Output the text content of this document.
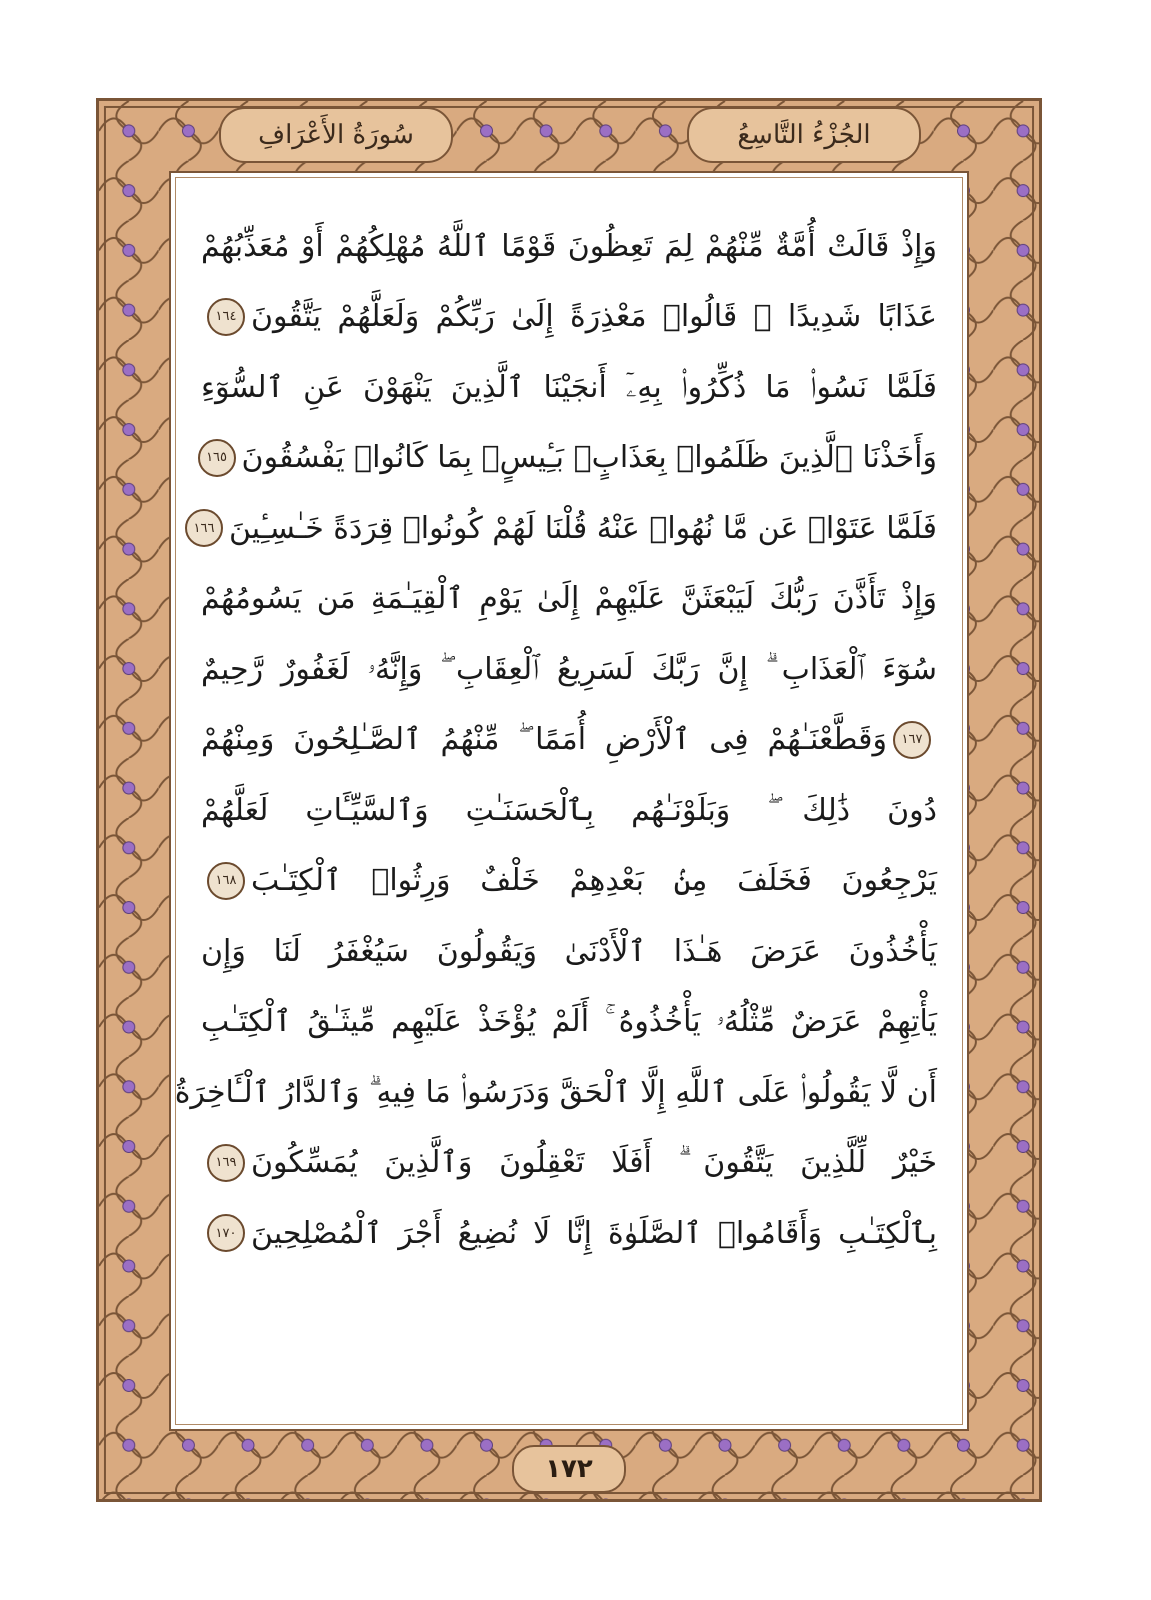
الجُزْءُ التَّاسِعُ
سُورَةُ الأَعْرَافِ
وَإِذْ قَالَتْ أُمَّةٌ مِّنْهُمْ لِمَ تَعِظُونَ قَوْمًا ٱللَّهُ مُهْلِكُهُمْ أَوْ مُعَذِّبُهُمْ
عَذَابًا شَدِيدًا ۖ قَالُوا۟ مَعْذِرَةً إِلَىٰ رَبِّكُمْ وَلَعَلَّهُمْ يَتَّقُونَ
١٦٤
فَلَمَّا نَسُوا۟ مَا ذُكِّرُوا۟ بِهِۦٓ أَنجَيْنَا ٱلَّذِينَ يَنْهَوْنَ عَنِ ٱلسُّوٓءِ
وَأَخَذْنَا ٱلَّذِينَ ظَلَمُوا۟ بِعَذَابٍۭ بَـِٔيسٍۭ بِمَا كَانُوا۟ يَفْسُقُونَ
١٦٥
فَلَمَّا عَتَوْا۟ عَن مَّا نُهُوا۟ عَنْهُ قُلْنَا لَهُمْ كُونُوا۟ قِرَدَةً خَـٰسِـِٔينَ
١٦٦
وَإِذْ تَأَذَّنَ رَبُّكَ لَيَبْعَثَنَّ عَلَيْهِمْ إِلَىٰ يَوْمِ ٱلْقِيَـٰمَةِ مَن يَسُومُهُمْ
سُوٓءَ ٱلْعَذَابِ ۗ إِنَّ رَبَّكَ لَسَرِيعُ ٱلْعِقَابِ ۖ وَإِنَّهُۥ لَغَفُورٌ رَّحِيمٌ
١٦٧
وَقَطَّعْنَـٰهُمْ فِى ٱلْأَرْضِ أُمَمًا ۖ مِّنْهُمُ ٱلصَّـٰلِحُونَ وَمِنْهُمْ
دُونَ ذَٰلِكَ ۖ وَبَلَوْنَـٰهُم بِٱلْحَسَنَـٰتِ وَٱلسَّيِّـَٔاتِ لَعَلَّهُمْ
يَرْجِعُونَ فَخَلَفَ مِنۢ بَعْدِهِمْ خَلْفٌ وَرِثُوا۟ ٱلْكِتَـٰبَ
١٦٨
يَأْخُذُونَ عَرَضَ هَـٰذَا ٱلْأَدْنَىٰ وَيَقُولُونَ سَيُغْفَرُ لَنَا وَإِن
يَأْتِهِمْ عَرَضٌ مِّثْلُهُۥ يَأْخُذُوهُ ۚ أَلَمْ يُؤْخَذْ عَلَيْهِم مِّيثَـٰقُ ٱلْكِتَـٰبِ
أَن لَّا يَقُولُوا۟ عَلَى ٱللَّهِ إِلَّا ٱلْحَقَّ وَدَرَسُوا۟ مَا فِيهِ ۗ وَٱلدَّارُ ٱلْـَٔاخِرَةُ
خَيْرٌ لِّلَّذِينَ يَتَّقُونَ ۗ أَفَلَا تَعْقِلُونَ وَٱلَّذِينَ يُمَسِّكُونَ
١٦٩
بِٱلْكِتَـٰبِ وَأَقَامُوا۟ ٱلصَّلَوٰةَ إِنَّا لَا نُضِيعُ أَجْرَ ٱلْمُصْلِحِينَ
١٧٠
١٧٢
